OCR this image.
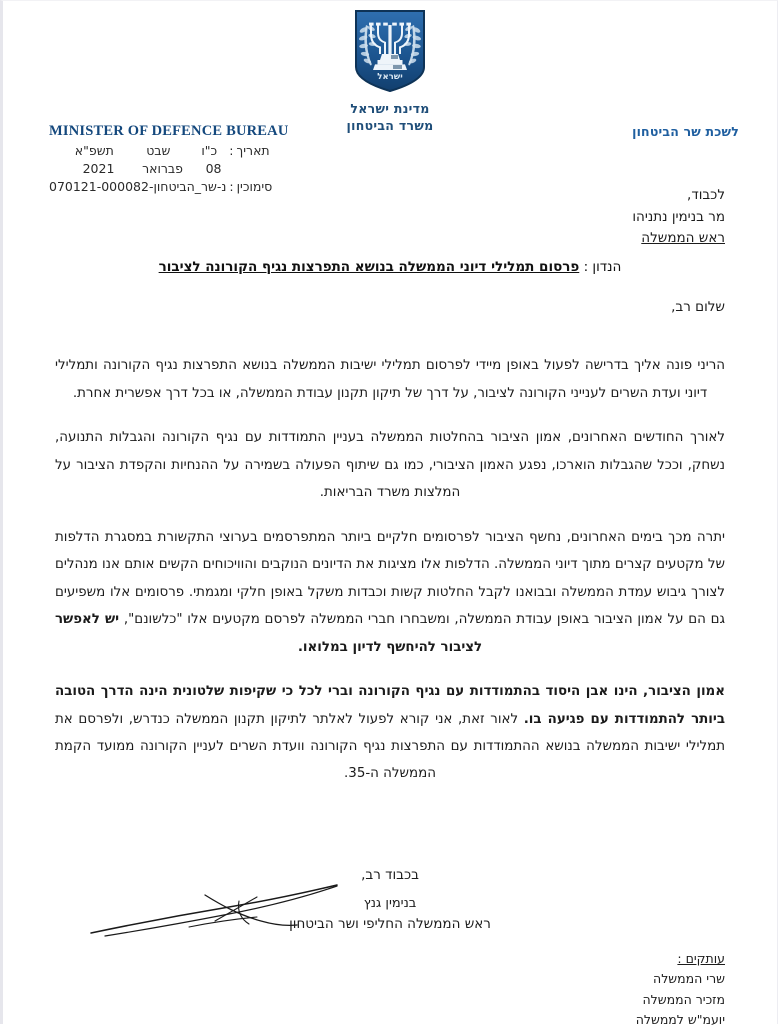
ישראל
מדינת ישראל
משרד הביטחון	לשכת שר הביטחון
MINISTER OF DEFENCE BUREAU
תאריך
:
כ"ו
שבט
תשפ"א
08
פברואר
2021
סימוכין:נ-שר_הביטחון-070121-000082
לכבוד,
מר בנימין נתניהו
ראש הממשלה
הנדון : פרסום תמלילי דיוני הממשלה בנושא התפרצות נגיף הקורונה לציבור
שלום רב,

הריני פונה אליך בדרישה לפעול באופן מיידי לפרסום תמלילי ישיבות הממשלה בנושא התפרצות נגיף הקורונה ותמלילי דיוני ועדת השרים לענייני הקורונה לציבור, על דרך של תיקון תקנון עבודת הממשלה, או בכל דרך אפשרית אחרת.

לאורך החודשים האחרונים, אמון הציבור בהחלטות הממשלה בעניין התמודדות עם נגיף הקורונה והגבלות התנועה, נשחק, וככל שהגבלות הוארכו, נפגע האמון הציבורי, כמו גם שיתוף הפעולה בשמירה על ההנחיות והקפדת הציבור על המלצות משרד הבריאות.

יתרה מכך בימים האחרונים, נחשף הציבור לפרסומים חלקיים ביותר המתפרסמים בערוצי התקשורת במסגרת הדלפות של מקטעים קצרים מתוך דיוני הממשלה. הדלפות אלו מציגות את הדיונים הנוקבים והוויכוחים הקשים אותם אנו מנהלים לצורך גיבוש עמדת הממשלה ובבואנו לקבל החלטות קשות וכבדות משקל באופן חלקי ומגמתי. פרסומים אלו משפיעים גם הם על אמון הציבור באופן עבודת הממשלה, ומשבחרו חברי הממשלה לפרסם מקטעים אלו "כלשונם", יש לאפשר לציבור להיחשף לדיון במלואו.

אמון הציבור, הינו אבן היסוד בהתמודדות עם נגיף הקורונה וברי לכל כי שקיפות שלטונית הינה הדרך הטובה ביותר להתמודדות עם פגיעה בו. לאור זאת, אני קורא לפעול לאלתר לתיקון תקנון הממשלה כנדרש, ולפרסם את תמלילי ישיבות הממשלה בנושא ההתמודדות עם התפרצות נגיף הקורונה וועדת השרים לעניין הקורונה ממועד הקמת הממשלה ה-35.

בכבוד רב,
בנימין גנץ
ראש הממשלה החליפי ושר הביטחון
עותקים :
שרי הממשלה
מזכיר הממשלה
יועמ"ש לממשלה
